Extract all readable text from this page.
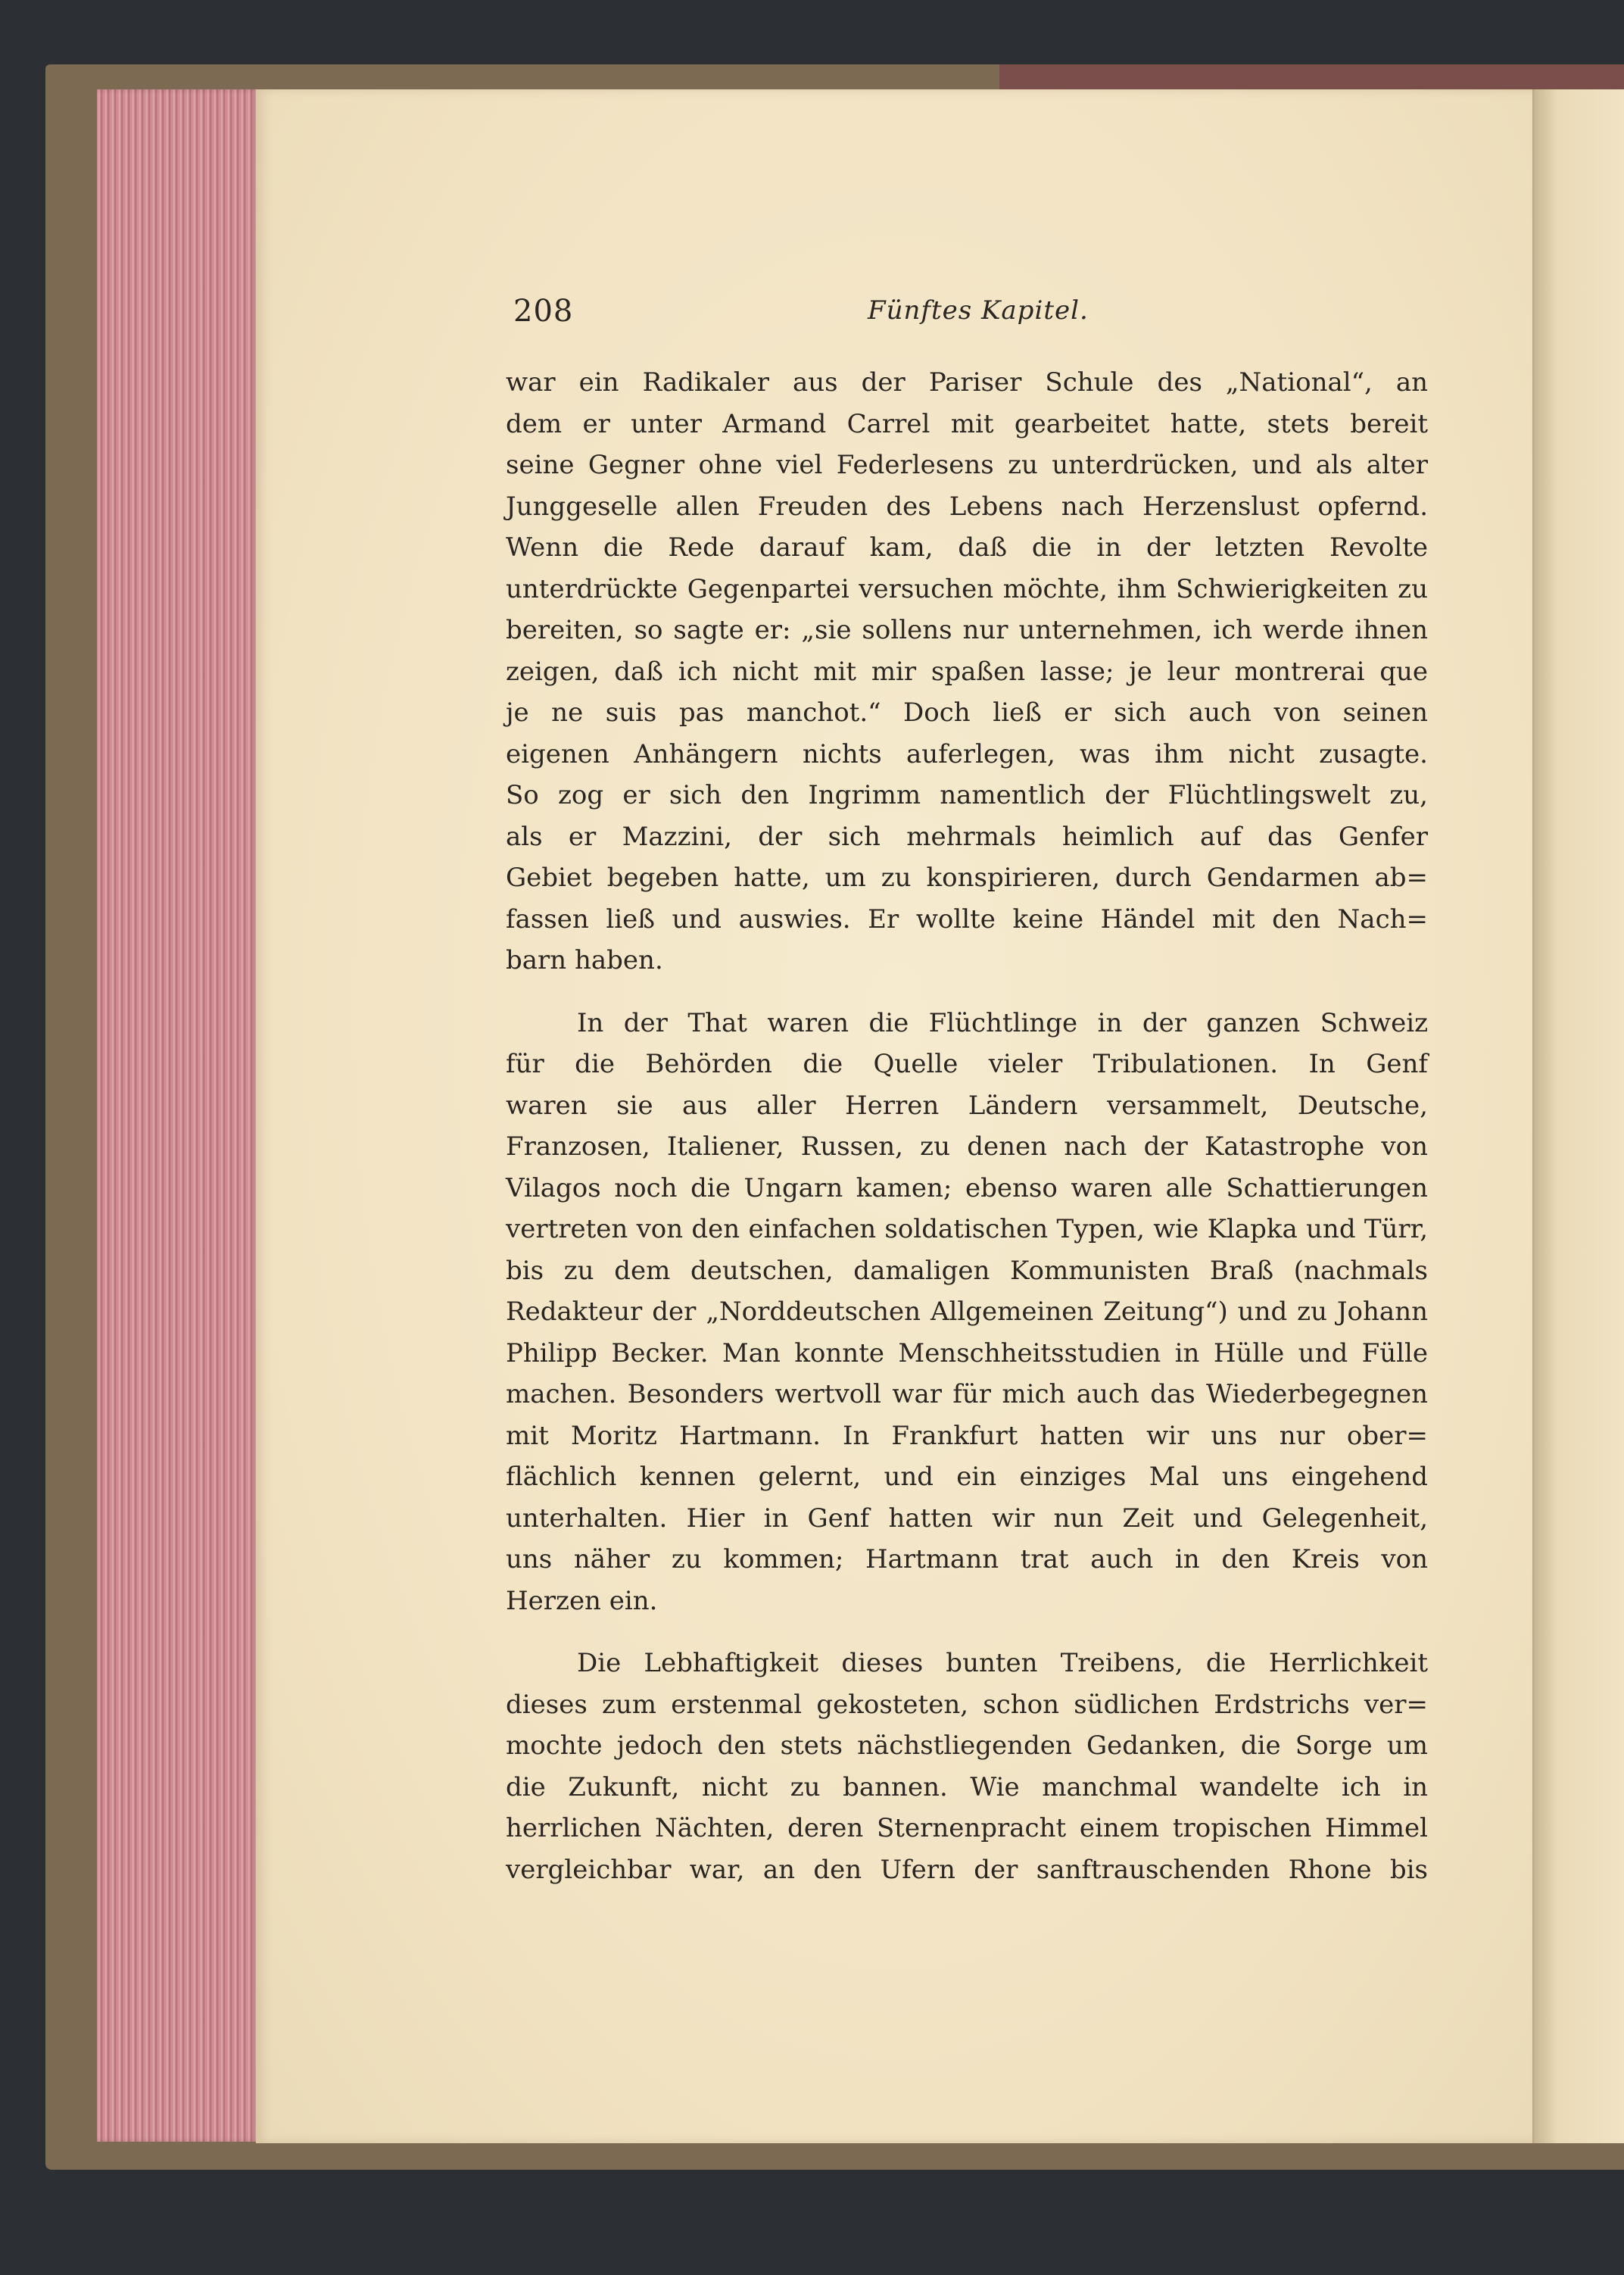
208	Fünftes Kapitel.
war ein Radikaler aus der Pariser Schule des „National“, an
dem er unter Armand Carrel mit gearbeitet hatte, stets bereit
seine Gegner ohne viel Federlesens zu unterdrücken, und als alter
Junggeselle allen Freuden des Lebens nach Herzenslust opfernd.
Wenn die Rede darauf kam, daß die in der letzten Revolte
unterdrückte Gegenpartei versuchen möchte, ihm Schwierigkeiten zu
bereiten, so sagte er: „sie sollens nur unternehmen, ich werde ihnen
zeigen, daß ich nicht mit mir spaßen lasse; je leur montrerai que
je ne suis pas manchot.“ Doch ließ er sich auch von seinen
eigenen Anhängern nichts auferlegen, was ihm nicht zusagte.
So zog er sich den Ingrimm namentlich der Flüchtlingswelt zu,
als er Mazzini, der sich mehrmals heimlich auf das Genfer
Gebiet begeben hatte, um zu konspirieren, durch Gendarmen ab=
fassen ließ und auswies. Er wollte keine Händel mit den Nach=
barn haben.
In der That waren die Flüchtlinge in der ganzen Schweiz
für die Behörden die Quelle vieler Tribulationen. In Genf
waren sie aus aller Herren Ländern versammelt, Deutsche,
Franzosen, Italiener, Russen, zu denen nach der Katastrophe von
Vilagos noch die Ungarn kamen; ebenso waren alle Schattierungen
vertreten von den einfachen soldatischen Typen, wie Klapka und Türr,
bis zu dem deutschen, damaligen Kommunisten Braß (nachmals
Redakteur der „Norddeutschen Allgemeinen Zeitung“) und zu Johann
Philipp Becker. Man konnte Menschheitsstudien in Hülle und Fülle
machen. Besonders wertvoll war für mich auch das Wiederbegegnen
mit Moritz Hartmann. In Frankfurt hatten wir uns nur ober=
flächlich kennen gelernt, und ein einziges Mal uns eingehend
unterhalten. Hier in Genf hatten wir nun Zeit und Gelegenheit,
uns näher zu kommen; Hartmann trat auch in den Kreis von
Herzen ein.
Die Lebhaftigkeit dieses bunten Treibens, die Herrlichkeit
dieses zum erstenmal gekosteten, schon südlichen Erdstrichs ver=
mochte jedoch den stets nächstliegenden Gedanken, die Sorge um
die Zukunft, nicht zu bannen. Wie manchmal wandelte ich in
herrlichen Nächten, deren Sternenpracht einem tropischen Himmel
vergleichbar war, an den Ufern der sanftrauschenden Rhone bis
